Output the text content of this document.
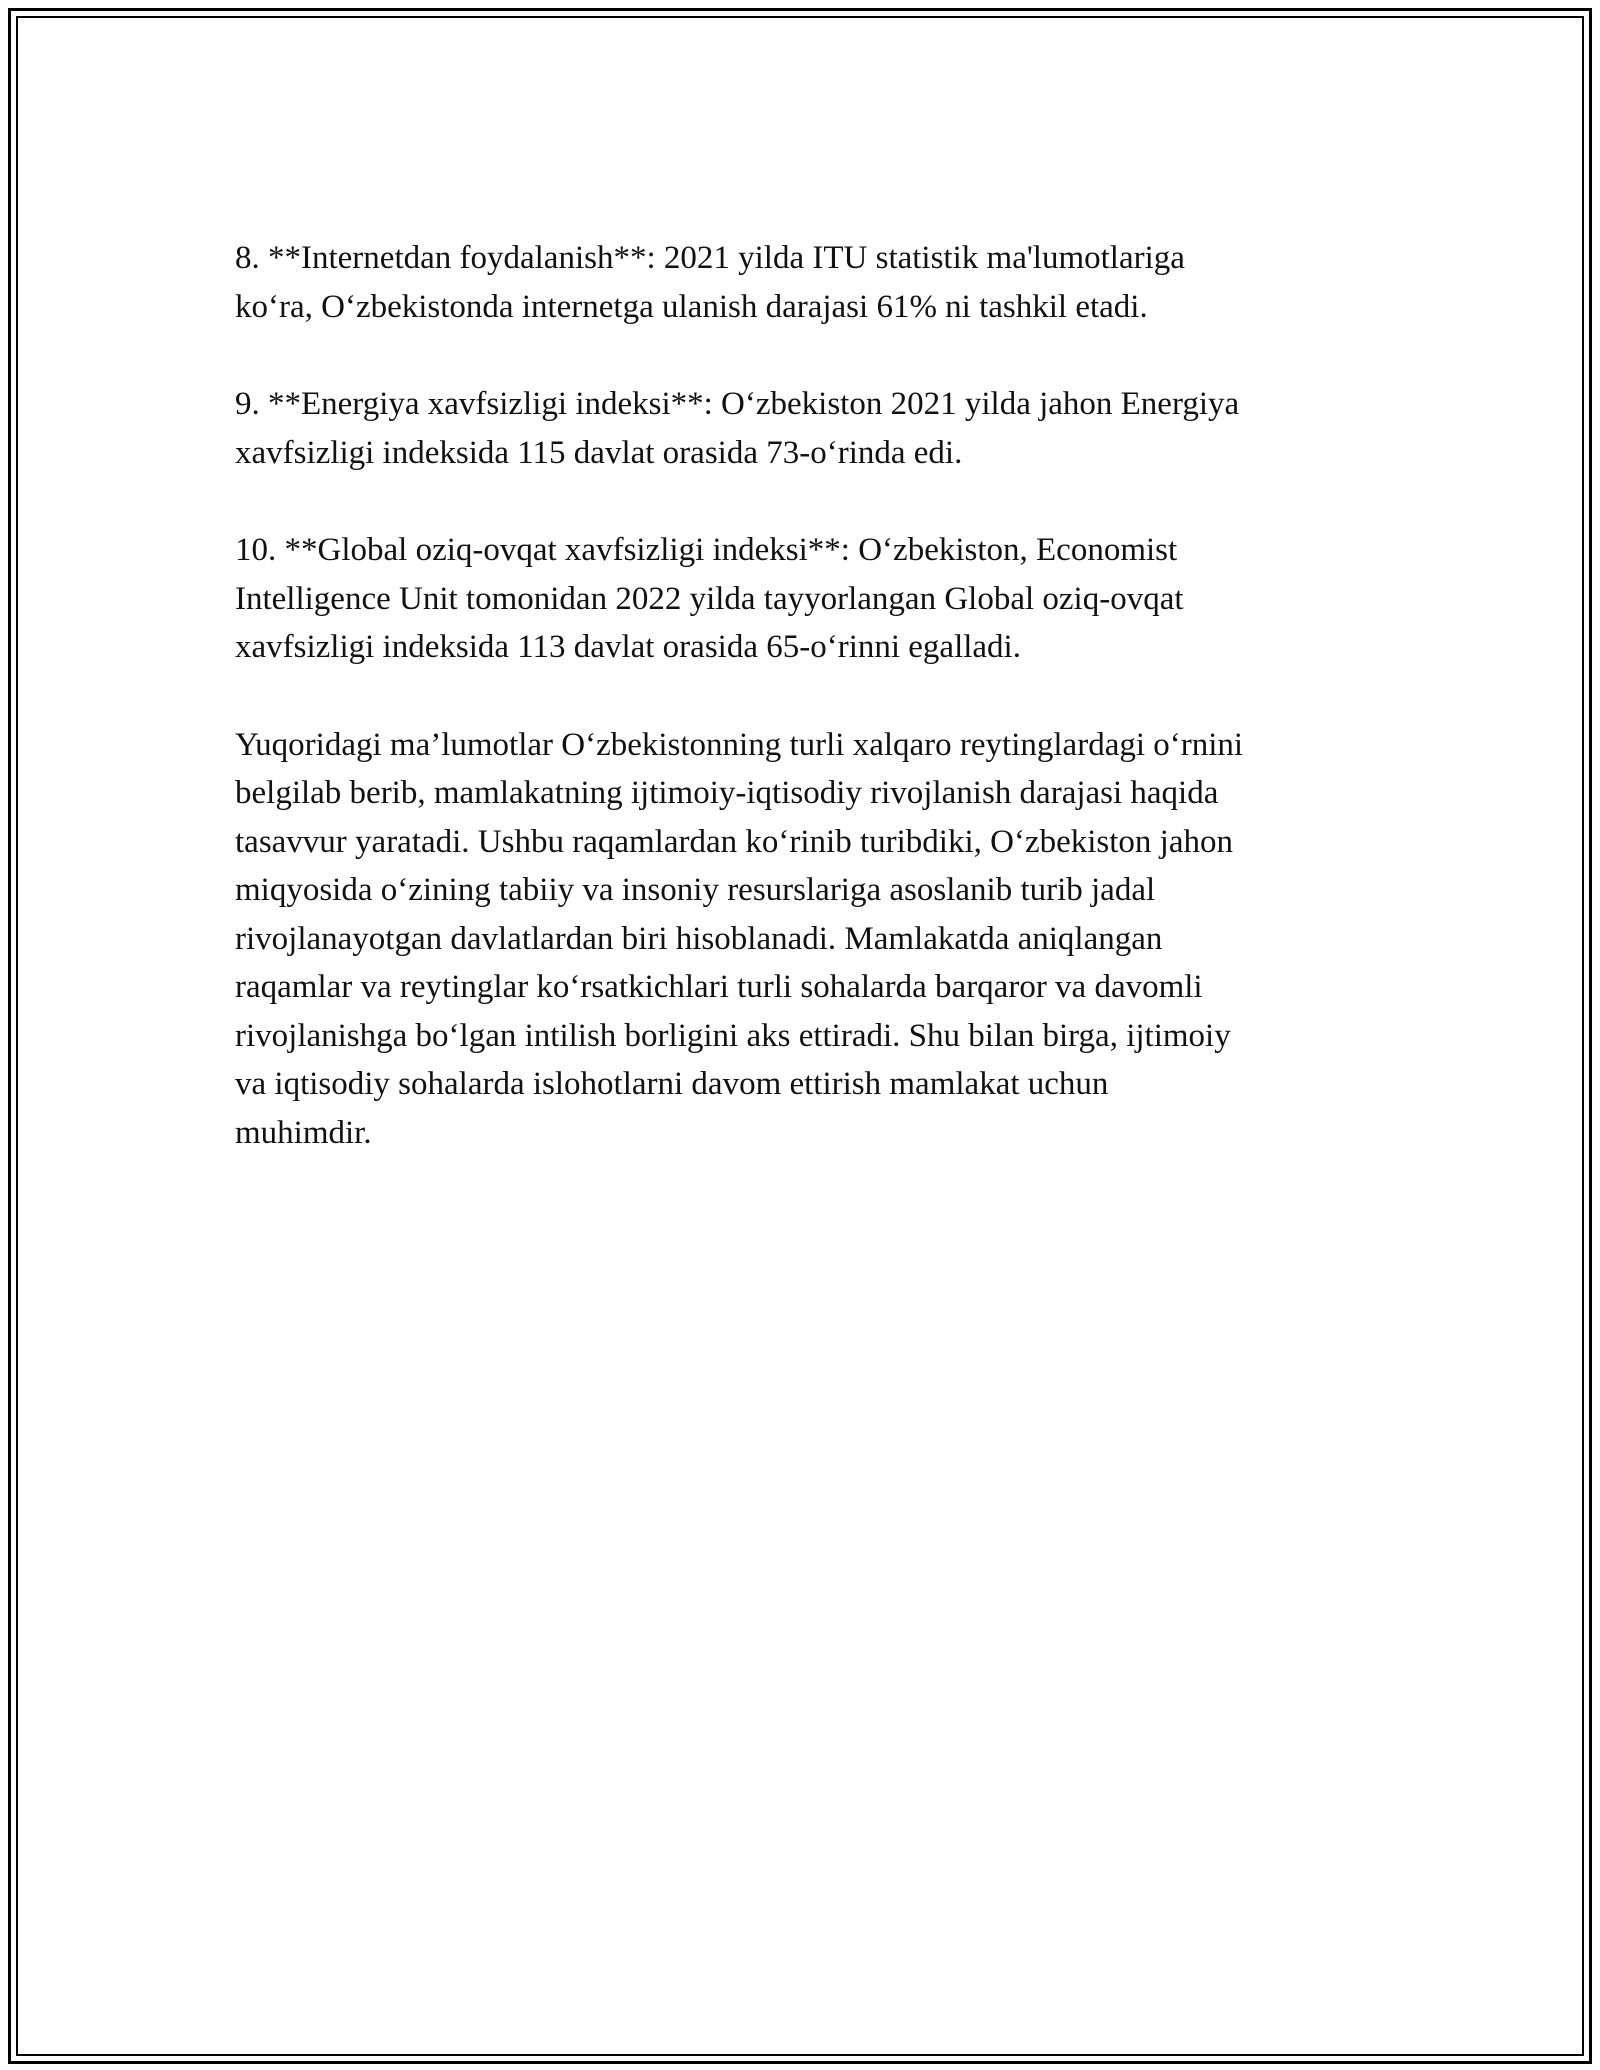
8. **Internetdan foydalanish**: 2021 yilda ITU statistik ma'lumotlariga
ko‘ra, O‘zbekistonda internetga ulanish darajasi 61% ni tashkil etadi.

9. **Energiya xavfsizligi indeksi**: O‘zbekiston 2021 yilda jahon Energiya
xavfsizligi indeksida 115 davlat orasida 73-o‘rinda edi.

10. **Global oziq-ovqat xavfsizligi indeksi**: O‘zbekiston, Economist
Intelligence Unit tomonidan 2022 yilda tayyorlangan Global oziq-ovqat
xavfsizligi indeksida 113 davlat orasida 65-o‘rinni egalladi.

Yuqoridagi ma’lumotlar O‘zbekistonning turli xalqaro reytinglardagi o‘rnini
belgilab berib, mamlakatning ijtimoiy-iqtisodiy rivojlanish darajasi haqida
tasavvur yaratadi. Ushbu raqamlardan ko‘rinib turibdiki, O‘zbekiston jahon
miqyosida o‘zining tabiiy va insoniy resurslariga asoslanib turib jadal
rivojlanayotgan davlatlardan biri hisoblanadi. Mamlakatda aniqlangan
raqamlar va reytinglar ko‘rsatkichlari turli sohalarda barqaror va davomli
rivojlanishga bo‘lgan intilish borligini aks ettiradi. Shu bilan birga, ijtimoiy
va iqtisodiy sohalarda islohotlarni davom ettirish mamlakat uchun
muhimdir.
